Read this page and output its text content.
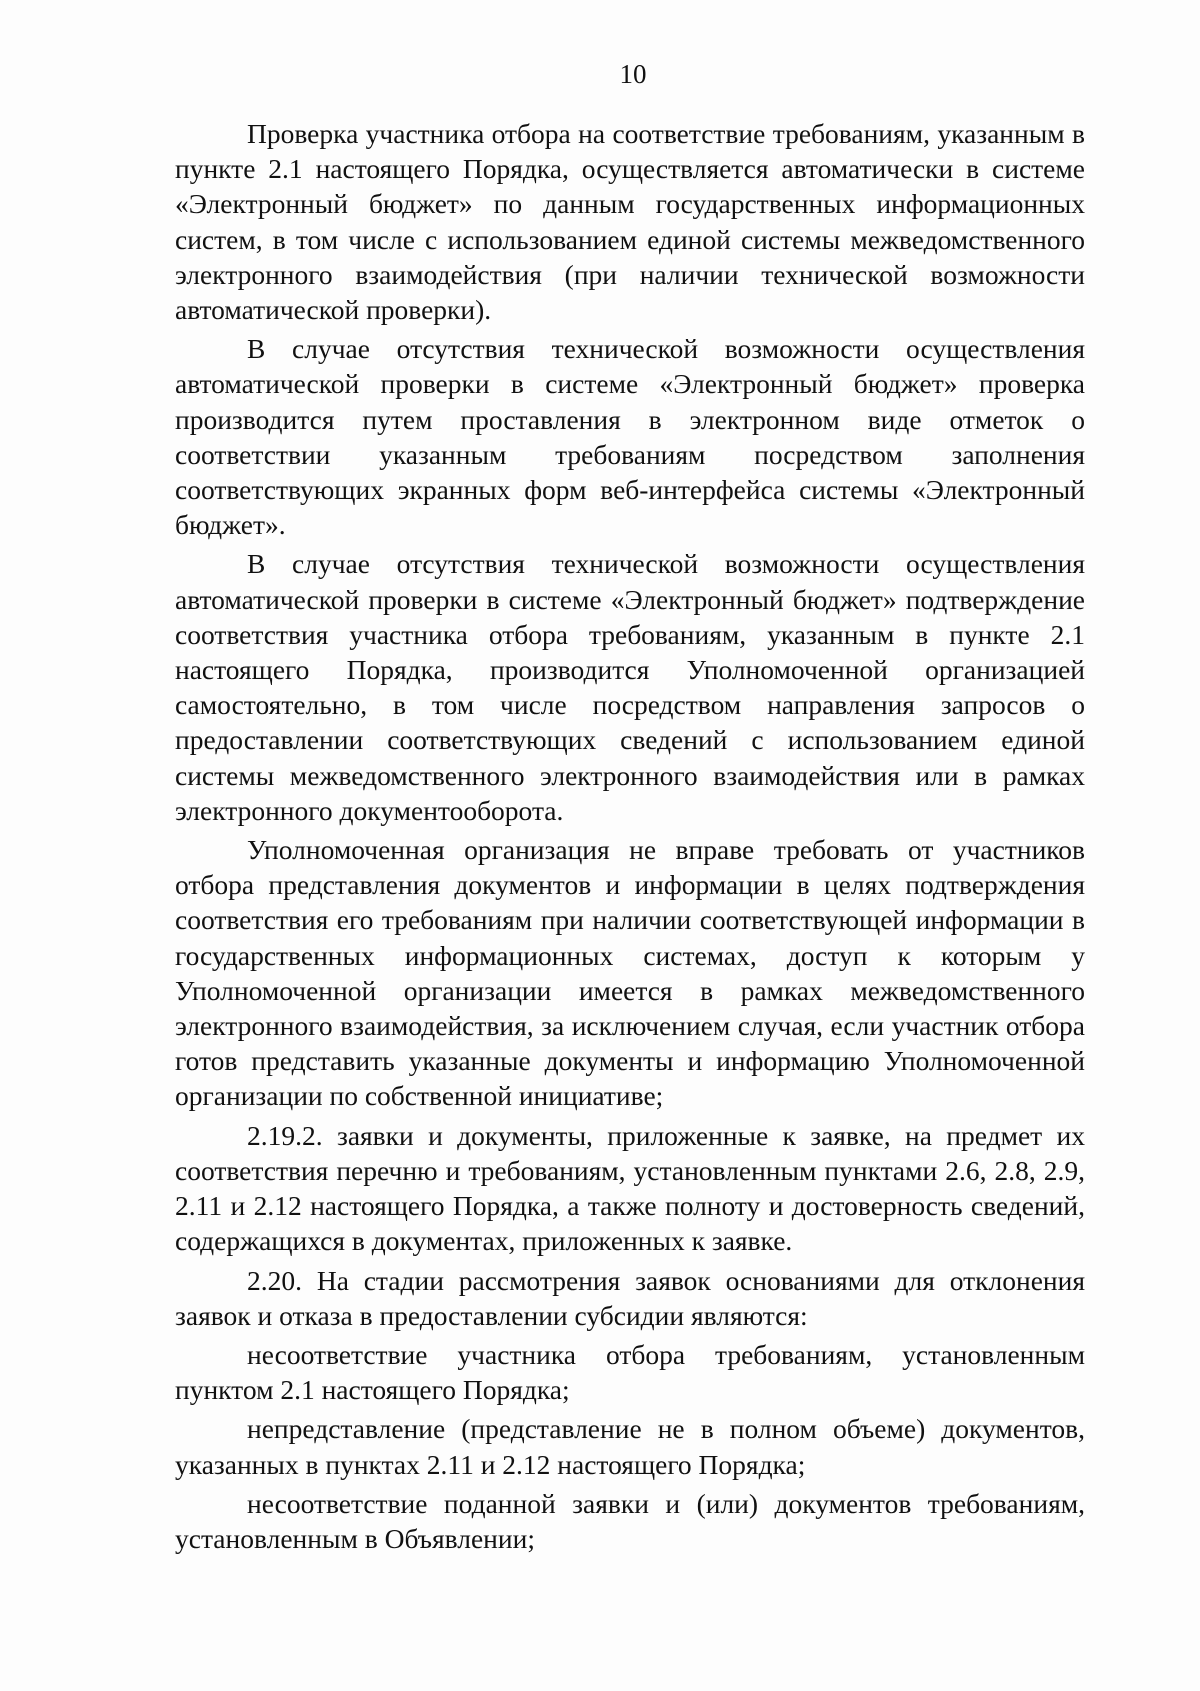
10

Проверка участника отбора на соответствие требованиям, указанным в пункте 2.1 настоящего Порядка, осуществляется автоматически в системе «Электронный бюджет» по данным государственных информационных систем, в том числе с использованием единой системы межведомственного электронного взаимодействия (при наличии технической возможности автоматической проверки).

В случае отсутствия технической возможности осуществления автоматической проверки в системе «Электронный бюджет» проверка производится путем проставления в электронном виде отметок о соответствии указанным требованиям посредством заполнения соответствующих экранных форм веб-интерфейса системы «Электронный бюджет».

В случае отсутствия технической возможности осуществления автоматической проверки в системе «Электронный бюджет» подтверждение соответствия участника отбора требованиям, указанным в пункте 2.1 настоящего Порядка, производится Уполномоченной организацией самостоятельно, в том числе посредством направления запросов о предоставлении соответствующих сведений с использованием единой системы межведомственного электронного взаимодействия или в рамках электронного документооборота.

Уполномоченная организация не вправе требовать от участников отбора представления документов и информации в целях подтверждения соответствия его требованиям при наличии соответствующей информации в государственных информационных системах, доступ к которым у Уполномоченной организации имеется в рамках межведомственного электронного взаимодействия, за исключением случая, если участник отбора готов представить указанные документы и информацию Уполномоченной организации по собственной инициативе;

2.19.2. заявки и документы, приложенные к заявке, на предмет их соответствия перечню и требованиям, установленным пунктами 2.6, 2.8, 2.9, 2.11 и 2.12 настоящего Порядка, а также полноту и достоверность сведений, содержащихся в документах, приложенных к заявке.

2.20. На стадии рассмотрения заявок основаниями для отклонения заявок и отказа в предоставлении субсидии являются:

несоответствие участника отбора требованиям, установленным пунктом 2.1 настоящего Порядка;

непредставление (представление не в полном объеме) документов, указанных в пунктах 2.11 и 2.12 настоящего Порядка;

несоответствие поданной заявки и (или) документов требованиям, установленным в Объявлении;
